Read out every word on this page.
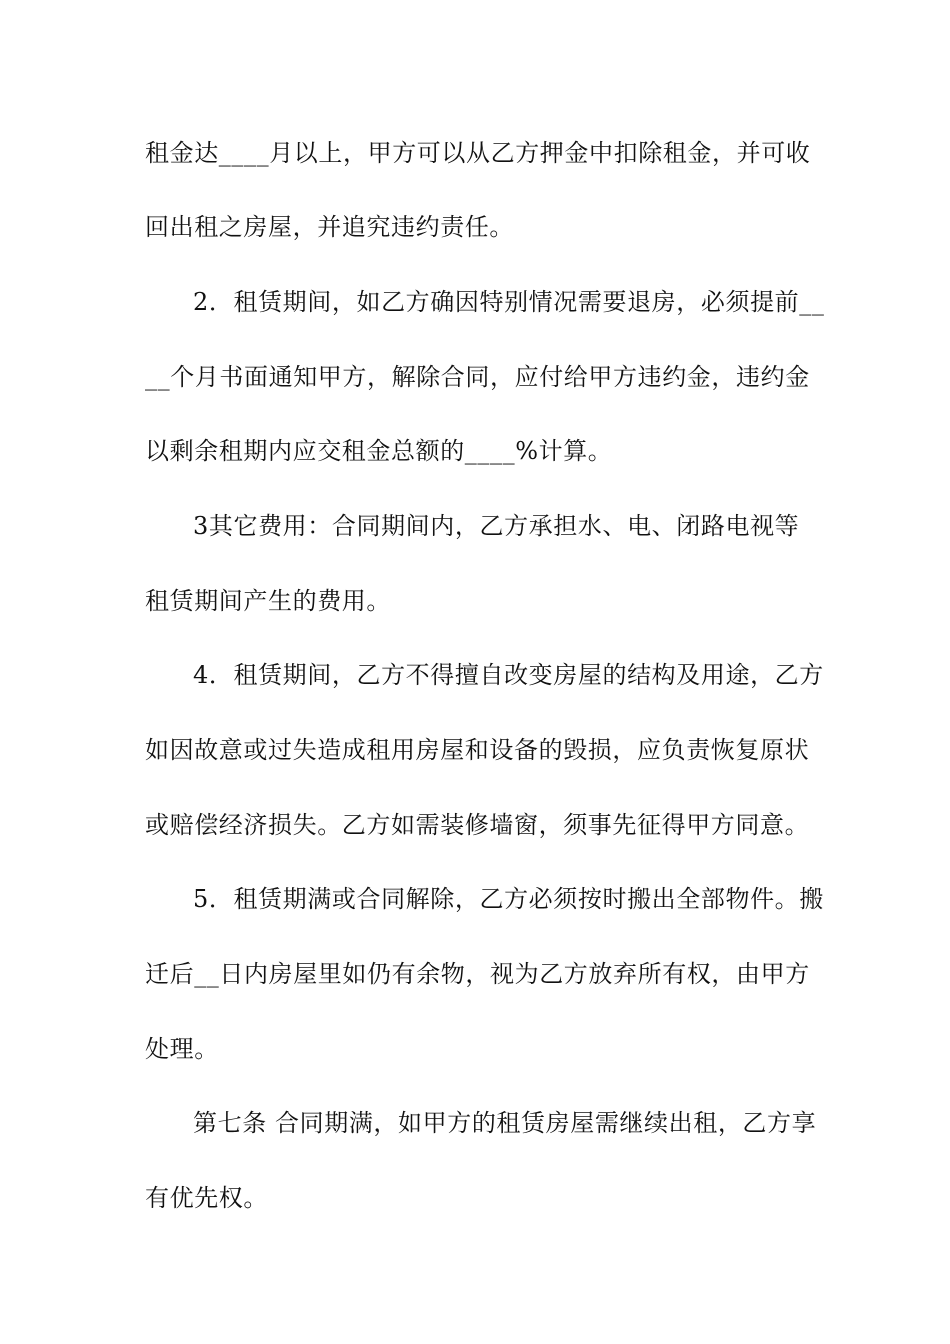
租金达____月以上，甲方可以从乙方押金中扣除租金，并可收
回出租之房屋，并追究违约责任。
2．租赁期间，如乙方确因特别情况需要退房，必须提前__
__个月书面通知甲方，解除合同，应付给甲方违约金，违约金
以剩余租期内应交租金总额的____%计算。
3其它费用：合同期间内，乙方承担水、电、闭路电视等
租赁期间产生的费用。
4．租赁期间，乙方不得擅自改变房屋的结构及用途，乙方
如因故意或过失造成租用房屋和设备的毁损，应负责恢复原状
或赔偿经济损失。乙方如需装修墙窗，须事先征得甲方同意。
5．租赁期满或合同解除，乙方必须按时搬出全部物件。搬
迁后__日内房屋里如仍有余物，视为乙方放弃所有权，由甲方
处理。
第七条 合同期满，如甲方的租赁房屋需继续出租，乙方享
有优先权。
